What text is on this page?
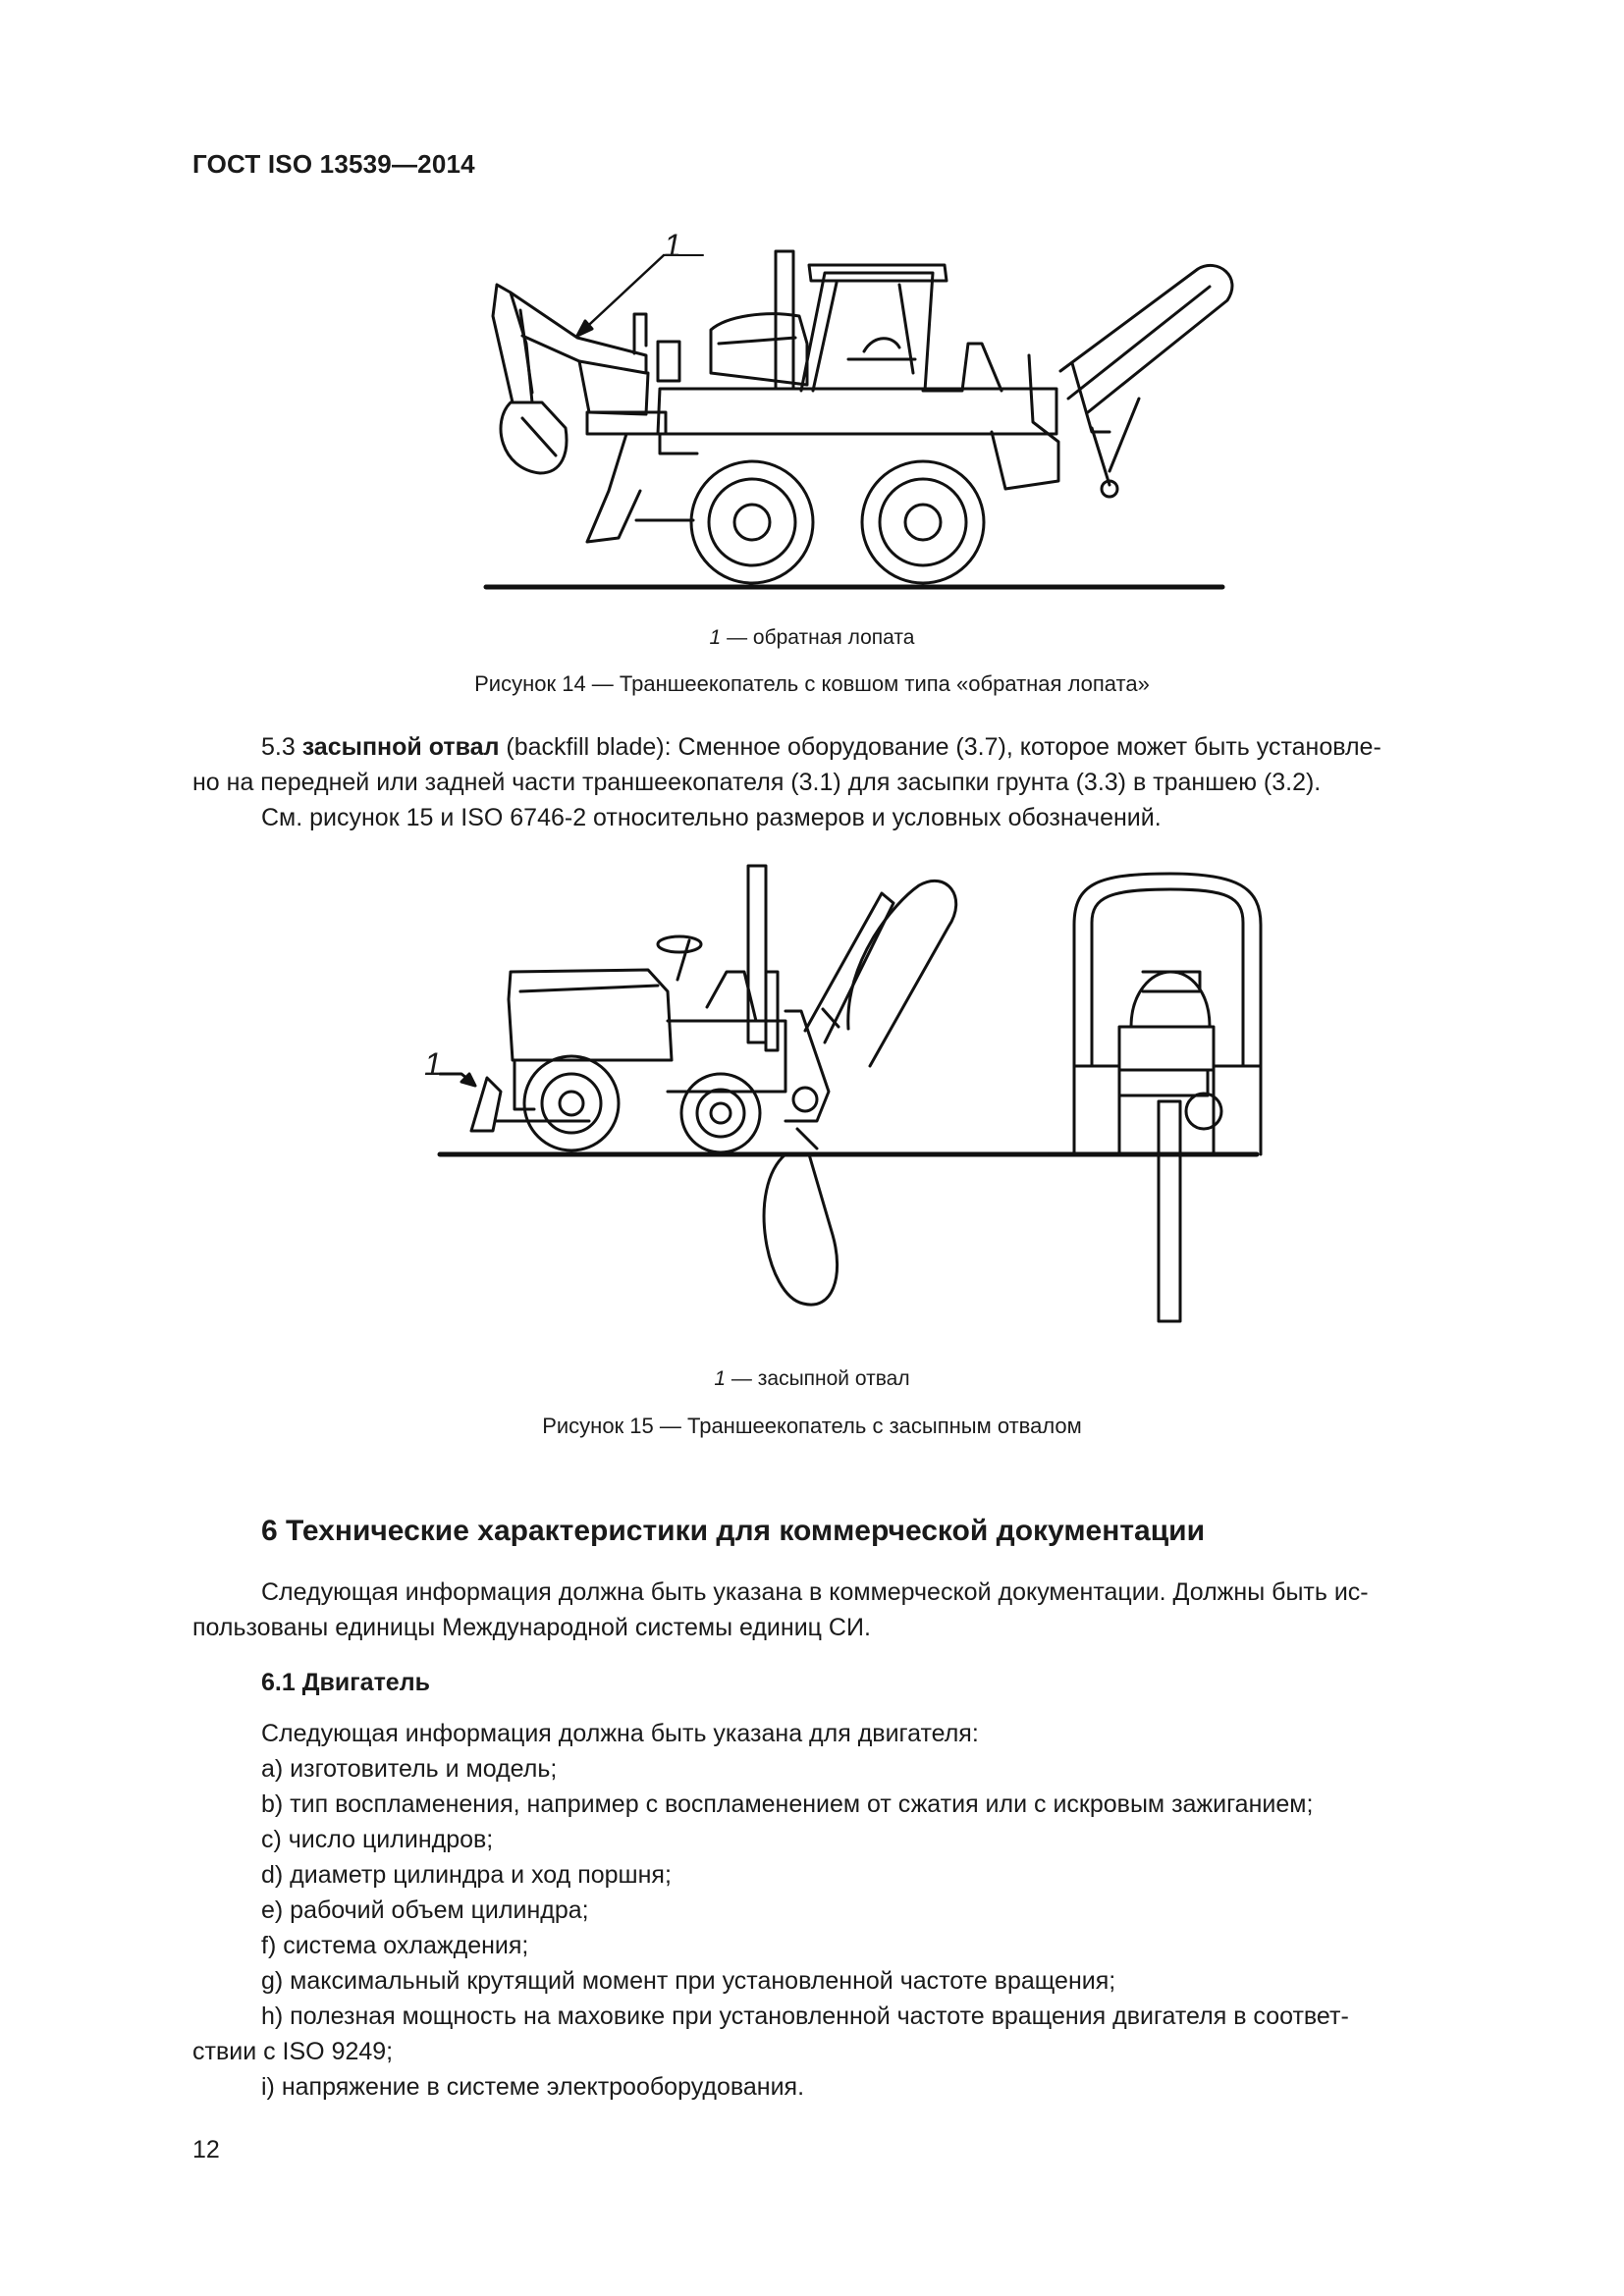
ГОСТ ISO 13539—2014
1 — обратная лопата
1
Рисунок 14 — Траншеекопатель с ковшом типа «обратная лопата»
5.3 засыпной отвал (backfill blade): Сменное оборудование (3.7), которое может быть установле-
но на передней или задней части траншеекопателя (3.1) для засыпки грунта (3.3) в траншею (3.2).
См. рисунок 15 и ISO 6746-2 относительно размеров и условных обозначений.
1
1 — засыпной отвал
Рисунок 15 — Траншеекопатель с засыпным отвалом
6 Технические характеристики для коммерческой документации
Следующая информация должна быть указана в коммерческой документации. Должны быть ис-
пользованы единицы Международной системы единиц СИ.
6.1 Двигатель
Следующая информация должна быть указана для двигателя:
a) изготовитель и модель;
b) тип воспламенения, например с воспламенением от сжатия или с искровым зажиганием;
c) число цилиндров;
d) диаметр цилиндра и ход поршня;
e) рабочий объем цилиндра;
f) система охлаждения;
g) максимальный крутящий момент при установленной частоте вращения;
h) полезная мощность на маховике при установленной частоте вращения двигателя в соответ-
ствии с ISO 9249;
i) напряжение в системе электрооборудования.
12
